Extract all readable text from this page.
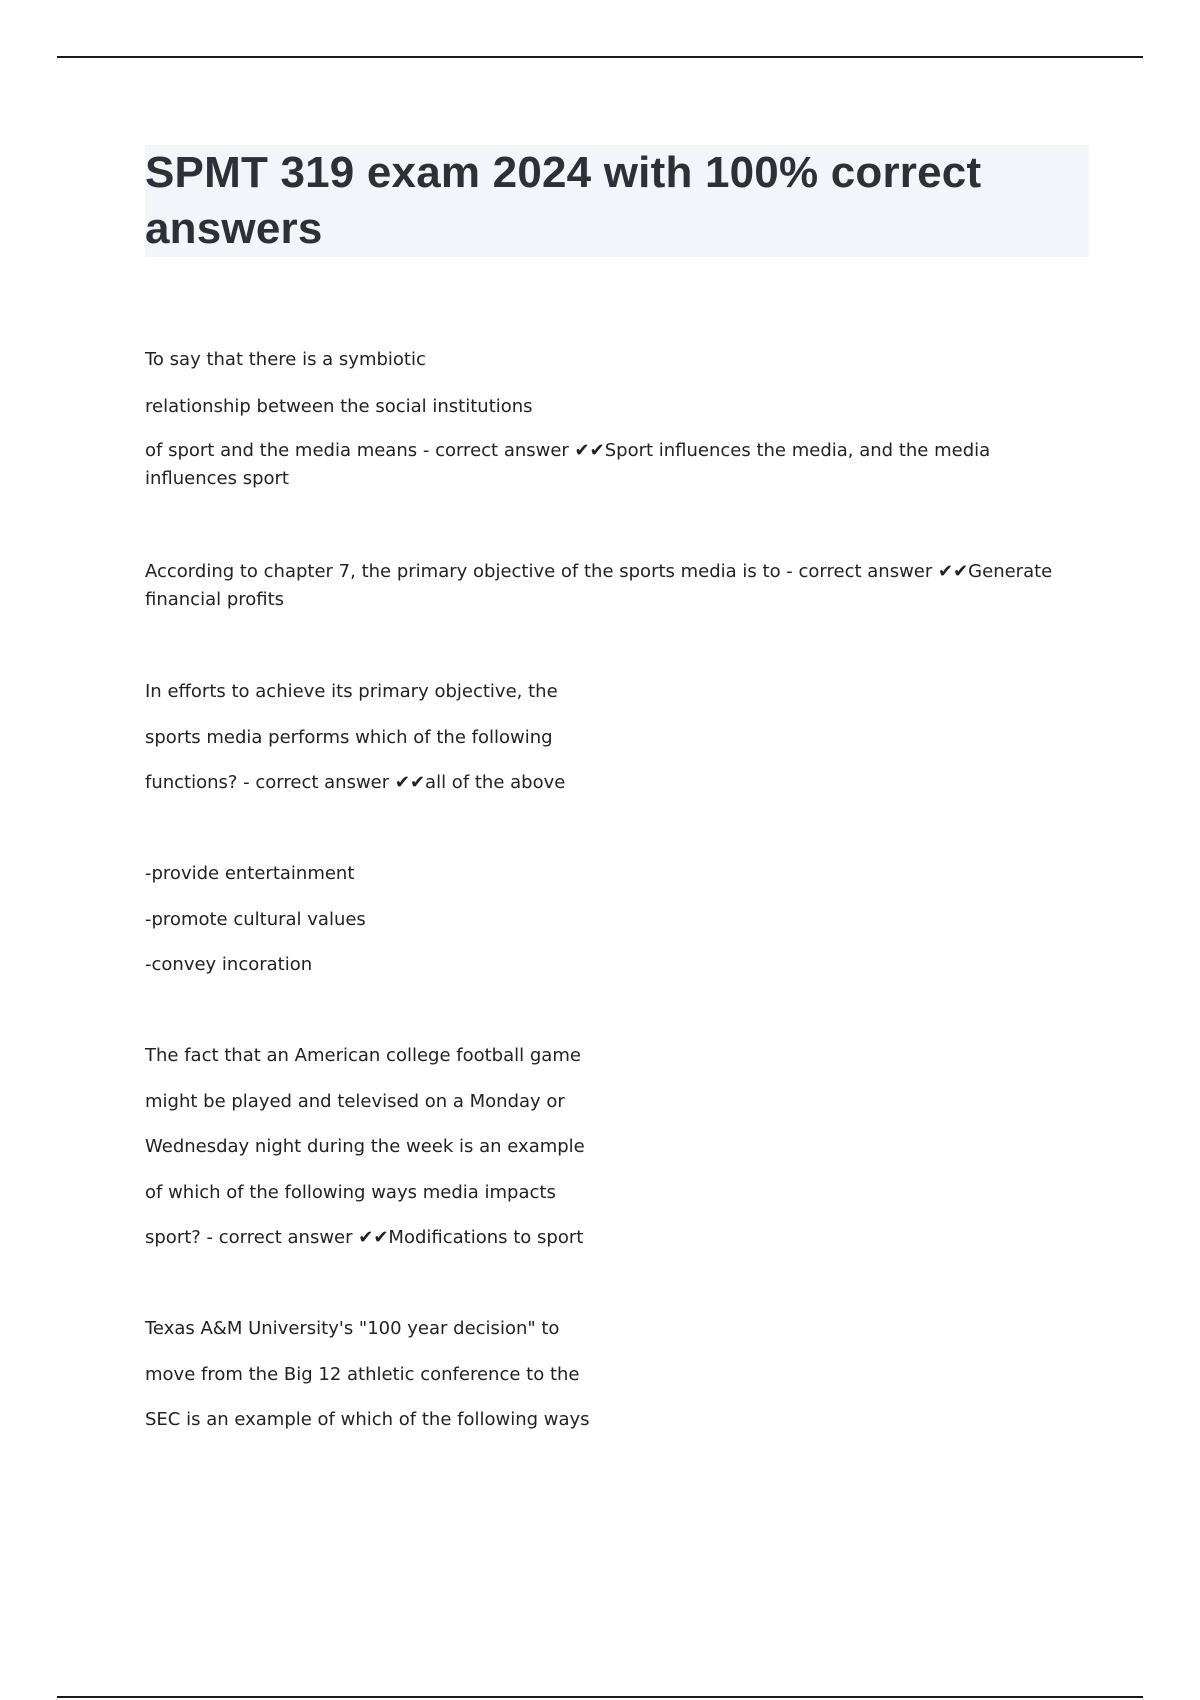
SPMT 319 exam 2024 with 100% correct answers

To say that there is a symbiotic

relationship between the social institutions

of sport and the media means - correct answer ✔✔Sport influences the media, and the media influences sport

According to chapter 7, the primary objective of the sports media is to - correct answer ✔✔Generate financial profits

In efforts to achieve its primary objective, the

sports media performs which of the following

functions? - correct answer ✔✔all of the above

-provide entertainment

-promote cultural values

-convey incoration

The fact that an American college football game

might be played and televised on a Monday or

Wednesday night during the week is an example

of which of the following ways media impacts

sport? - correct answer ✔✔Modifications to sport

Texas A&M University's "100 year decision" to

move from the Big 12 athletic conference to the

SEC is an example of which of the following ways
